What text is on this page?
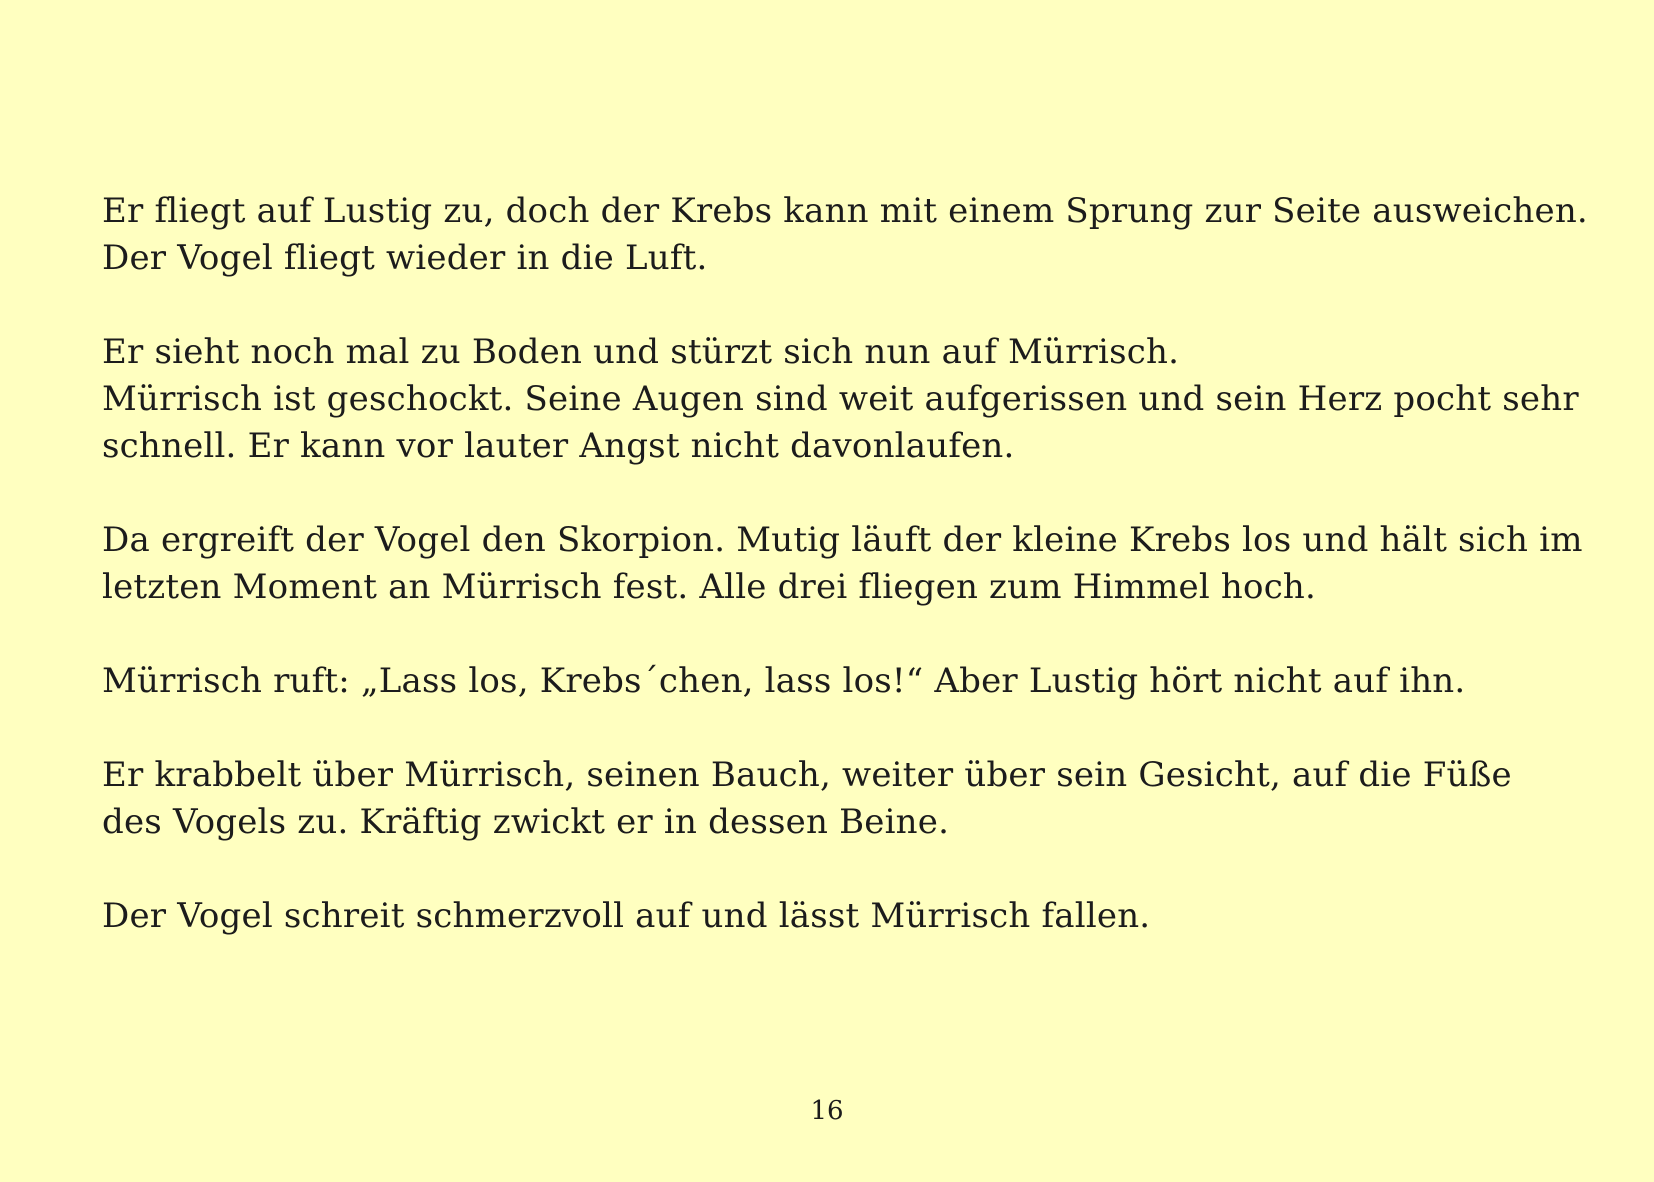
Er fliegt auf Lustig zu, doch der Krebs kann mit einem Sprung zur Seite ausweichen.
Der Vogel fliegt wieder in die Luft.
Er sieht noch mal zu Boden und stürzt sich nun auf Mürrisch.
Mürrisch ist geschockt. Seine Augen sind weit aufgerissen und sein Herz pocht sehr
schnell. Er kann vor lauter Angst nicht davonlaufen.
Da ergreift der Vogel den Skorpion. Mutig läuft der kleine Krebs los und hält sich im
letzten Moment an Mürrisch fest. Alle drei fliegen zum Himmel hoch.
Mürrisch ruft: „Lass los, Krebs´chen, lass los!“ Aber Lustig hört nicht auf ihn.
Er krabbelt über Mürrisch, seinen Bauch, weiter über sein Gesicht, auf die Füße
des Vogels zu. Kräftig zwickt er in dessen Beine.
Der Vogel schreit schmerzvoll auf und lässt Mürrisch fallen.
16
